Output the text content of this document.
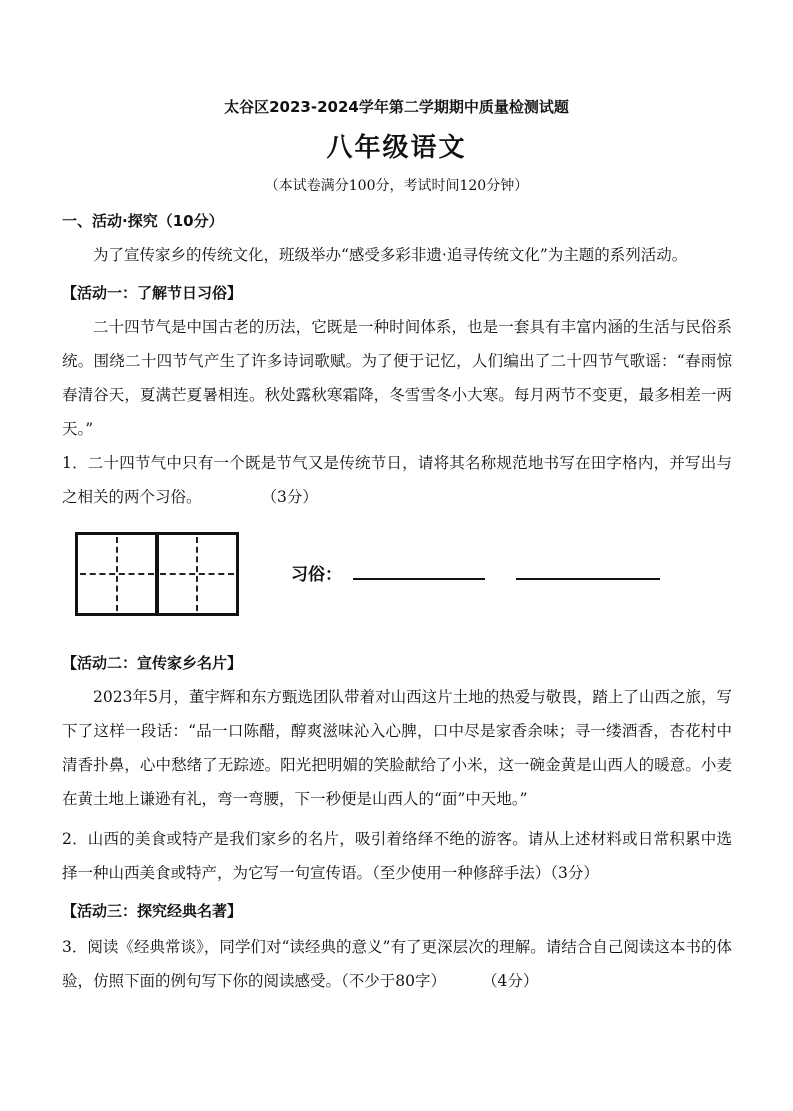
太谷区2023-2024学年第二学期期中质量检测试题
八年级语文
（本试卷满分100分，考试时间120分钟）
一、活动·探究（10分）
为了宣传家乡的传统文化，班级举办“感受多彩非遗·追寻传统文化”为主题的系列活动。
【活动一：了解节日习俗】
二十四节气是中国古老的历法，它既是一种时间体系，也是一套具有丰富内涵的生活与民俗系统。围绕二十四节气产生了许多诗词歌赋。为了便于记忆，人们编出了二十四节气歌谣：“春雨惊春清谷天，夏满芒夏暑相连。秋处露秋寒霜降，冬雪雪冬小大寒。每月两节不变更，最多相差一两天。”
1．二十四节气中只有一个既是节气又是传统节日，请将其名称规范地书写在田字格内，并写出与之相关的两个习俗。	（3分）
习俗：
【活动二：宣传家乡名片】
2023年5月，董宇辉和东方甄选团队带着对山西这片土地的热爱与敬畏，踏上了山西之旅，写下了这样一段话：“品一口陈醋，醇爽滋味沁入心脾，口中尽是家香余味；寻一缕酒香，杏花村中清香扑鼻，心中愁绪了无踪迹。阳光把明媚的笑脸献给了小米，这一碗金黄是山西人的暖意。小麦在黄土地上谦逊有礼，弯一弯腰，下一秒便是山西人的“面”中天地。”
2．山西的美食或特产是我们家乡的名片，吸引着络绎不绝的游客。请从上述材料或日常积累中选择一种山西美食或特产，为它写一句宣传语。（至少使用一种修辞手法）（3分）
【活动三：探究经典名著】
3．阅读《经典常谈》，同学们对“读经典的意义”有了更深层次的理解。请结合自己阅读这本书的体验，仿照下面的例句写下你的阅读感受。（不少于80字） （4分）
